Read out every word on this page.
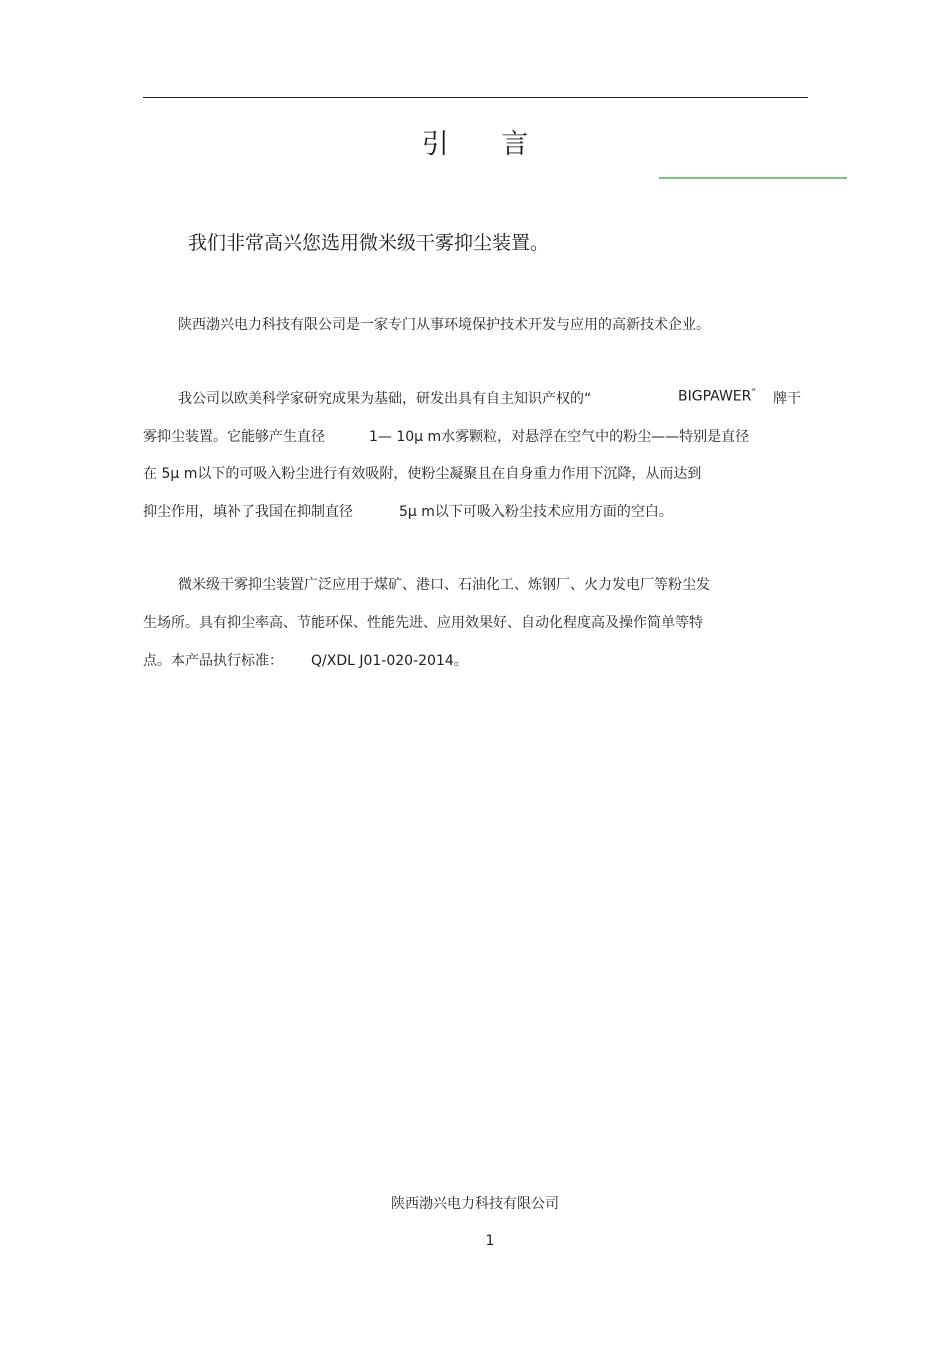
引 言
我们非常高兴您选用微米级干雾抑尘装置。
陕西渤兴电力科技有限公司是一家专门从事环境保护技术开发与应用的高新技术企业。
我公司以欧美科学家研究成果为基础，研发出具有自主知识产权的“	BIGPAWER” 牌干
雾抑尘装置。它能够产生直径	1— 10μ m水雾颗粒，对悬浮在空气中的粉尘——特别是直径
在 5μ m以下的可吸入粉尘进行有效吸附，使粉尘凝聚且在自身重力作用下沉降，从而达到
抑尘作用，填补了我国在抑制直径	5μ m以下可吸入粉尘技术应用方面的空白。
微米级干雾抑尘装置广泛应用于煤矿、港口、石油化工、炼钢厂、火力发电厂等粉尘发
生场所。具有抑尘率高、节能环保、性能先进、应用效果好、自动化程度高及操作简单等特
点。本产品执行标准： Q/XDL J01-020-2014。
陕西渤兴电力科技有限公司
1
